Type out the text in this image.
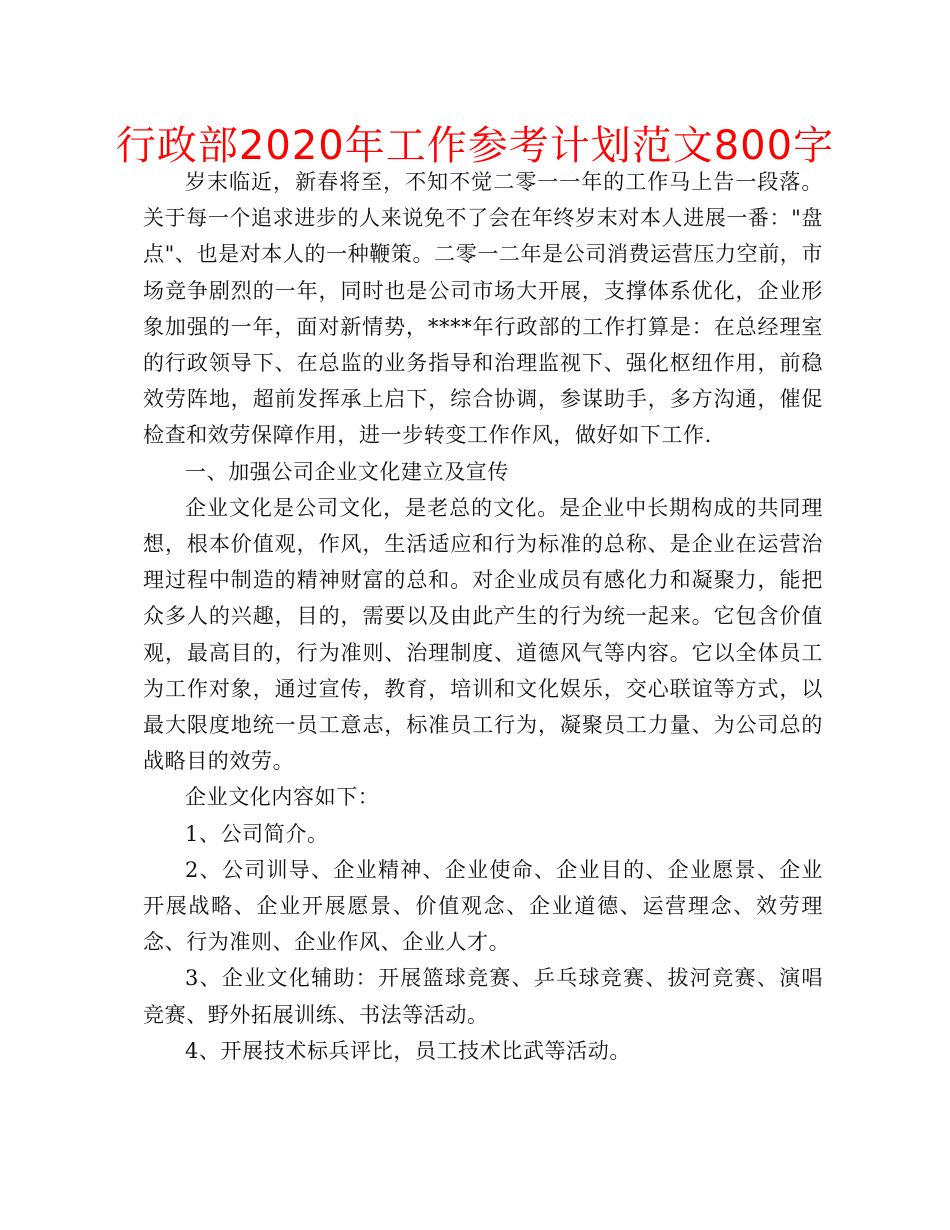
行政部2020年工作参考计划范文800字

岁末临近，新春将至，不知不觉二零一一年的工作马上告一段落。关于每一个追求进步的人来说免不了会在年终岁末对本人进展一番："盘点"、也是对本人的一种鞭策。二零一二年是公司消费运营压力空前，市场竞争剧烈的一年，同时也是公司市场大开展，支撑体系优化，企业形象加强的一年，面对新情势，****年行政部的工作打算是：在总经理室的行政领导下、在总监的业务指导和治理监视下、强化枢纽作用，前稳效劳阵地，超前发挥承上启下，综合协调，参谋助手，多方沟通，催促检查和效劳保障作用，进一步转变工作作风，做好如下工作.

一、加强公司企业文化建立及宣传

企业文化是公司文化，是老总的文化。是企业中长期构成的共同理想，根本价值观，作风，生活适应和行为标准的总称、是企业在运营治理过程中制造的精神财富的总和。对企业成员有感化力和凝聚力，能把众多人的兴趣，目的，需要以及由此产生的行为统一起来。它包含价值观，最高目的，行为准则、治理制度、道德风气等内容。它以全体员工为工作对象，通过宣传，教育，培训和文化娱乐，交心联谊等方式，以最大限度地统一员工意志，标准员工行为，凝聚员工力量、为公司总的战略目的效劳。

企业文化内容如下：

1、公司简介。

2、公司训导、企业精神、企业使命、企业目的、企业愿景、企业开展战略、企业开展愿景、价值观念、企业道德、运营理念、效劳理念、行为准则、企业作风、企业人才。

3、企业文化辅助：开展篮球竞赛、乒乓球竞赛、拔河竞赛、演唱竞赛、野外拓展训练、书法等活动。

4、开展技术标兵评比，员工技术比武等活动。
